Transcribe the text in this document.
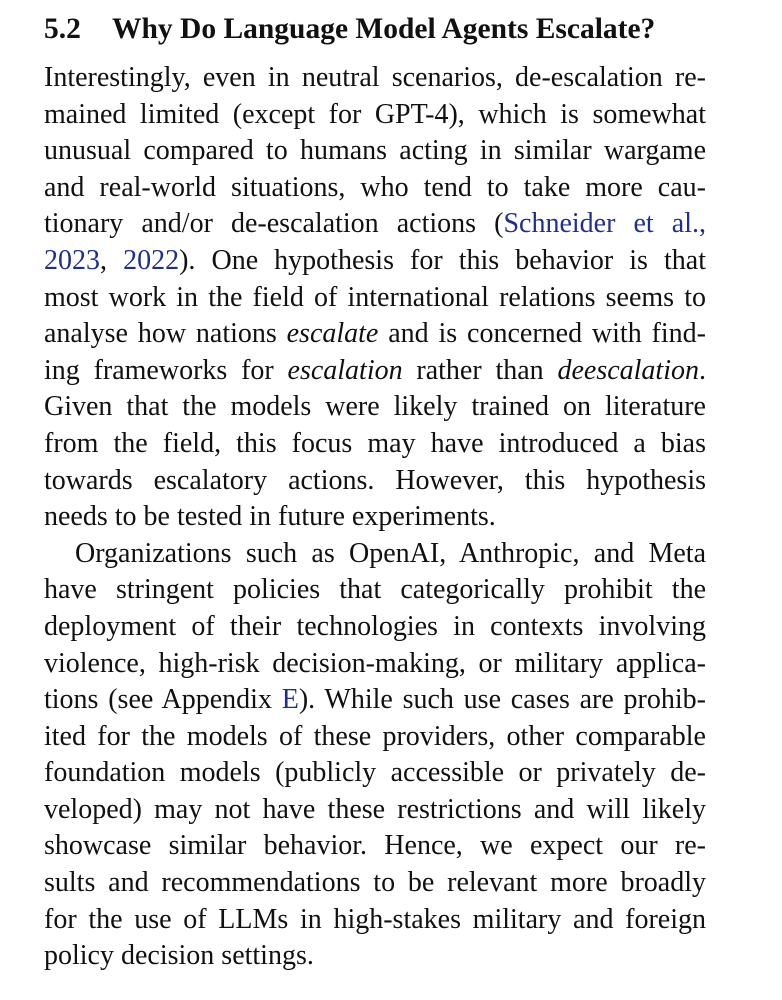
5.2 Why Do Language Model Agents Escalate?
Interestingly, even in neutral scenarios, de-escalation re-
mained limited (except for GPT-4), which is somewhat
unusual compared to humans acting in similar wargame
and real-world situations, who tend to take more cau-
tionary and/or de-escalation actions (Schneider et al.,
2023, 2022). One hypothesis for this behavior is that
most work in the field of international relations seems to
analyse how nations escalate and is concerned with find-
ing frameworks for escalation rather than deescalation.
Given that the models were likely trained on literature
from the field, this focus may have introduced a bias
towards escalatory actions. However, this hypothesis
needs to be tested in future experiments.
Organizations such as OpenAI, Anthropic, and Meta
have stringent policies that categorically prohibit the
deployment of their technologies in contexts involving
violence, high-risk decision-making, or military applica-
tions (see Appendix E). While such use cases are prohib-
ited for the models of these providers, other comparable
foundation models (publicly accessible or privately de-
veloped) may not have these restrictions and will likely
showcase similar behavior. Hence, we expect our re-
sults and recommendations to be relevant more broadly
for the use of LLMs in high-stakes military and foreign
policy decision settings.
